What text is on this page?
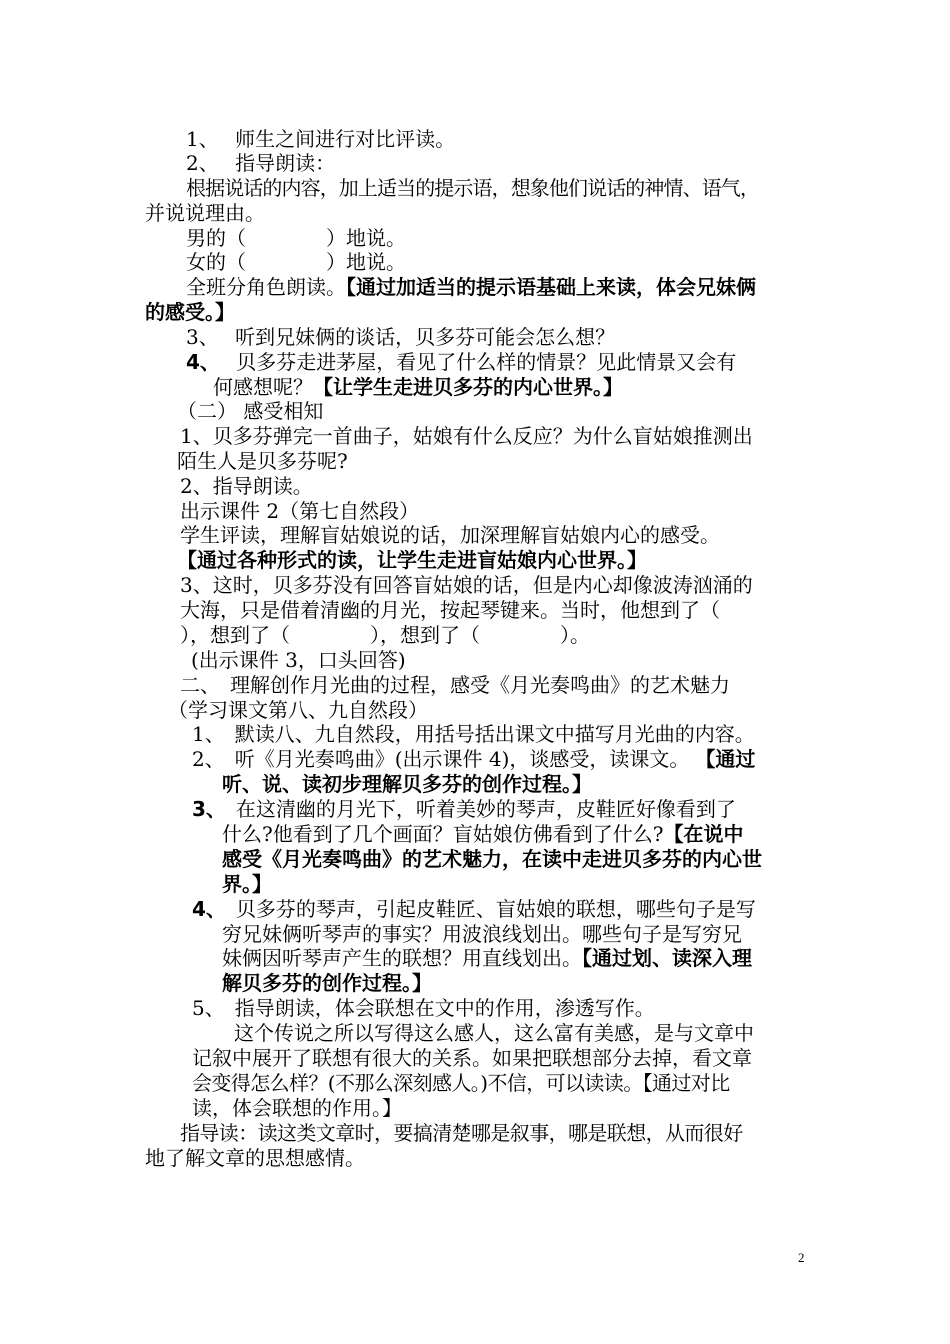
1、　 师生之间进行对比评读。
2、　 指导朗读：
根据说话的内容，加上适当的提示语，想象他们说话的神情、语气，
并说说理由。
男的（　　　　）地说。
女的（　　　　）地说。
全班分角色朗读。【通过加适当的提示语基础上来读，体会兄妹俩
的感受。】
3、　 听到兄妹俩的谈话，贝多芬可能会怎么想？
4、　 贝多芬走进茅屋，看见了什么样的情景？见此情景又会有
何感想呢？【让学生走进贝多芬的内心世界。】
（二） 感受相知
1、贝多芬弹完一首曲子，姑娘有什么反应？为什么盲姑娘推测出
陌生人是贝多芬呢?
2、指导朗读。
出示课件 2（第七自然段）
学生评读，理解盲姑娘说的话，加深理解盲姑娘内心的感受。
【通过各种形式的读，让学生走进盲姑娘内心世界。】
3、这时，贝多芬没有回答盲姑娘的话，但是内心却像波涛汹涌的
大海，只是借着清幽的月光，按起琴键来。当时，他想到了（
），想到了（　　　　），想到了（　　　　）。
(出示课件 3，口头回答)
二、　理解创作月光曲的过程，感受《月光奏鸣曲》的艺术魅力
（学习课文第八、九自然段）
1、　默读八、九自然段，用括号括出课文中描写月光曲的内容。
2、　听《月光奏鸣曲》(出示课件 4)，谈感受，读课文。 【通过
听、说、读初步理解贝多芬的创作过程。】
3、　在这清幽的月光下，听着美妙的琴声，皮鞋匠好像看到了
什么?他看到了几个画面？盲姑娘仿佛看到了什么?【在说中
感受《月光奏鸣曲》的艺术魅力，在读中走进贝多芬的内心世
界。】
4、　贝多芬的琴声，引起皮鞋匠、盲姑娘的联想，哪些句子是写
穷兄妹俩听琴声的事实？用波浪线划出。哪些句子是写穷兄
妹俩因听琴声产生的联想？用直线划出。【通过划、读深入理
解贝多芬的创作过程。】
5、　指导朗读，体会联想在文中的作用，渗透写作。
这个传说之所以写得这么感人，这么富有美感，是与文章中
记叙中展开了联想有很大的关系。如果把联想部分去掉，看文章
会变得怎么样？(不那么深刻感人。)不信，可以读读。【通过对比
读，体会联想的作用。】
指导读：读这类文章时，要搞清楚哪是叙事，哪是联想，从而很好
地了解文章的思想感情。
2
